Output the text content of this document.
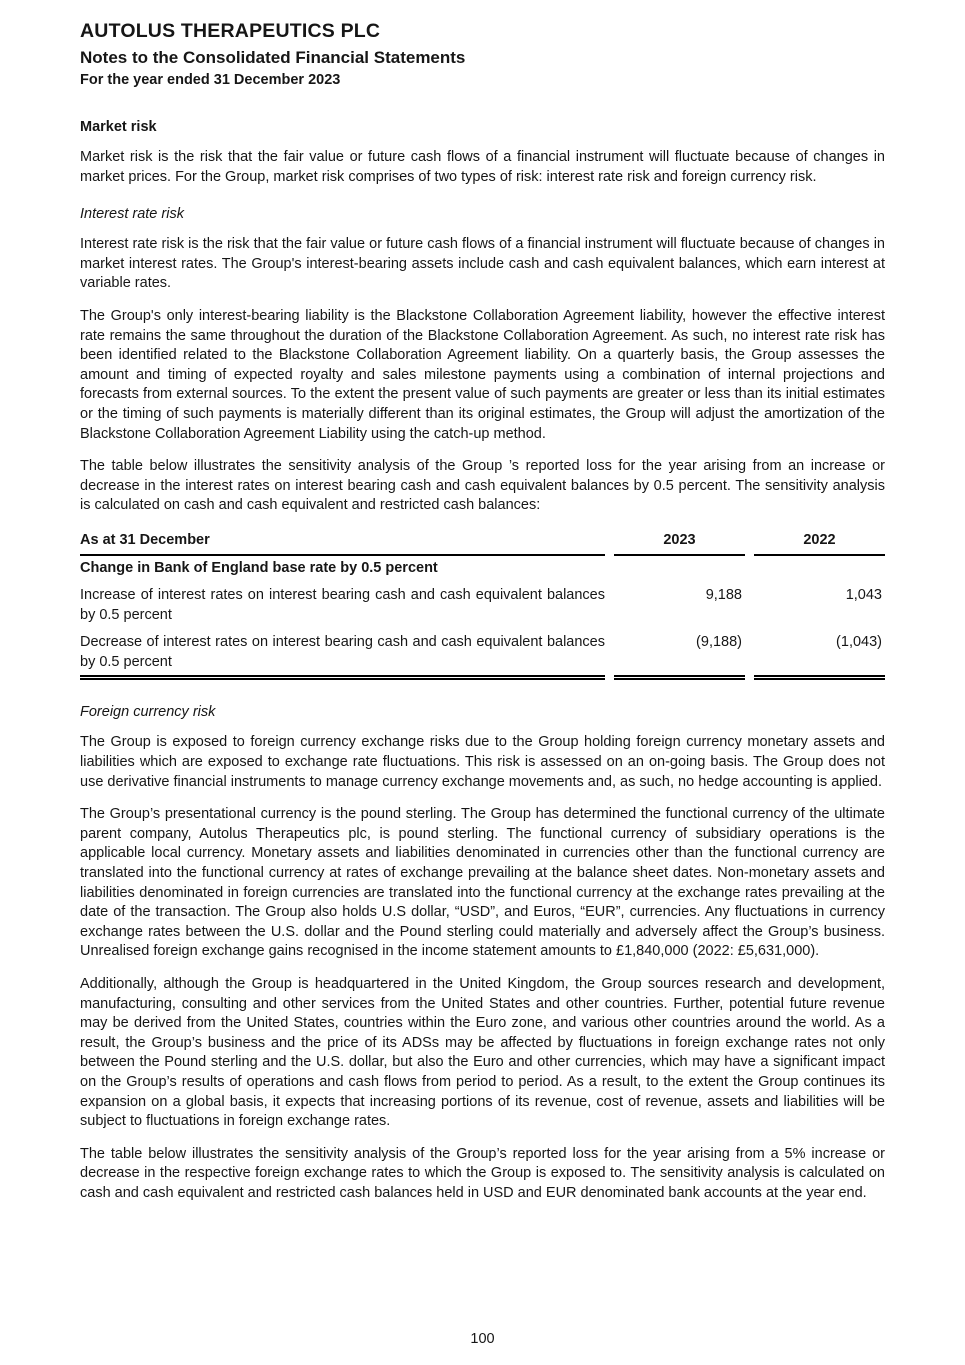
AUTOLUS THERAPEUTICS PLC
Notes to the Consolidated Financial Statements
For the year ended 31 December 2023
Market risk

Market risk is the risk that the fair value or future cash flows of a financial instrument will fluctuate because of changes in market prices. For the Group, market risk comprises of two types of risk: interest rate risk and foreign currency risk.

Interest rate risk

Interest rate risk is the risk that the fair value or future cash flows of a financial instrument will fluctuate because of changes in market interest rates. The Group's interest-bearing assets include cash and cash equivalent balances, which earn interest at variable rates.

The Group's only interest-bearing liability is the Blackstone Collaboration Agreement liability, however the effective interest rate remains the same throughout the duration of the Blackstone Collaboration Agreement. As such, no interest rate risk has been identified related to the Blackstone Collaboration Agreement liability. On a quarterly basis, the Group assesses the amount and timing of expected royalty and sales milestone payments using a combination of internal projections and forecasts from external sources. To the extent the present value of such payments are greater or less than its initial estimates or the timing of such payments is materially different than its original estimates, the Group will adjust the amortization of the Blackstone Collaboration Agreement Liability using the catch-up method.

The table below illustrates the sensitivity analysis of the Group ’s reported loss for the year arising from an increase or decrease in the interest rates on interest bearing cash and cash equivalent balances by 0.5 percent. The sensitivity analysis is calculated on cash and cash equivalent and restricted cash balances:

As at 31 December	2023	2022
Change in Bank of England base rate by 0.5 percent
Increase of interest rates on interest bearing cash and cash equivalent balances by 0.5 percent
9,188	1,043
Decrease of interest rates on interest bearing cash and cash equivalent balances by 0.5 percent
(9,188)	(1,043)
Foreign currency risk

The Group is exposed to foreign currency exchange risks due to the Group holding foreign currency monetary assets and liabilities which are exposed to exchange rate fluctuations. This risk is assessed on an on-going basis. The Group does not use derivative financial instruments to manage currency exchange movements and, as such, no hedge accounting is applied.

The Group’s presentational currency is the pound sterling. The Group has determined the functional currency of the ultimate parent company, Autolus Therapeutics plc, is pound sterling. The functional currency of subsidiary operations is the applicable local currency. Monetary assets and liabilities denominated in currencies other than the functional currency are translated into the functional currency at rates of exchange prevailing at the balance sheet dates. Non-monetary assets and liabilities denominated in foreign currencies are translated into the functional currency at the exchange rates prevailing at the date of the transaction. The Group also holds U.S dollar, “USD”, and Euros, “EUR”, currencies. Any fluctuations in currency exchange rates between the U.S. dollar and the Pound sterling could materially and adversely affect the Group’s business. Unrealised foreign exchange gains recognised in the income statement amounts to £1,840,000 (2022: £5,631,000).

Additionally, although the Group is headquartered in the United Kingdom, the Group sources research and development, manufacturing, consulting and other services from the United States and other countries. Further, potential future revenue may be derived from the United States, countries within the Euro zone, and various other countries around the world. As a result, the Group’s business and the price of its ADSs may be affected by fluctuations in foreign exchange rates not only between the Pound sterling and the U.S. dollar, but also the Euro and other currencies, which may have a significant impact on the Group’s results of operations and cash flows from period to period. As a result, to the extent the Group continues its expansion on a global basis, it expects that increasing portions of its revenue, cost of revenue, assets and liabilities will be subject to fluctuations in foreign exchange rates.

The table below illustrates the sensitivity analysis of the Group’s reported loss for the year arising from a 5% increase or decrease in the respective foreign exchange rates to which the Group is exposed to. The sensitivity analysis is calculated on cash and cash equivalent and restricted cash balances held in USD and EUR denominated bank accounts at the year end.

100
